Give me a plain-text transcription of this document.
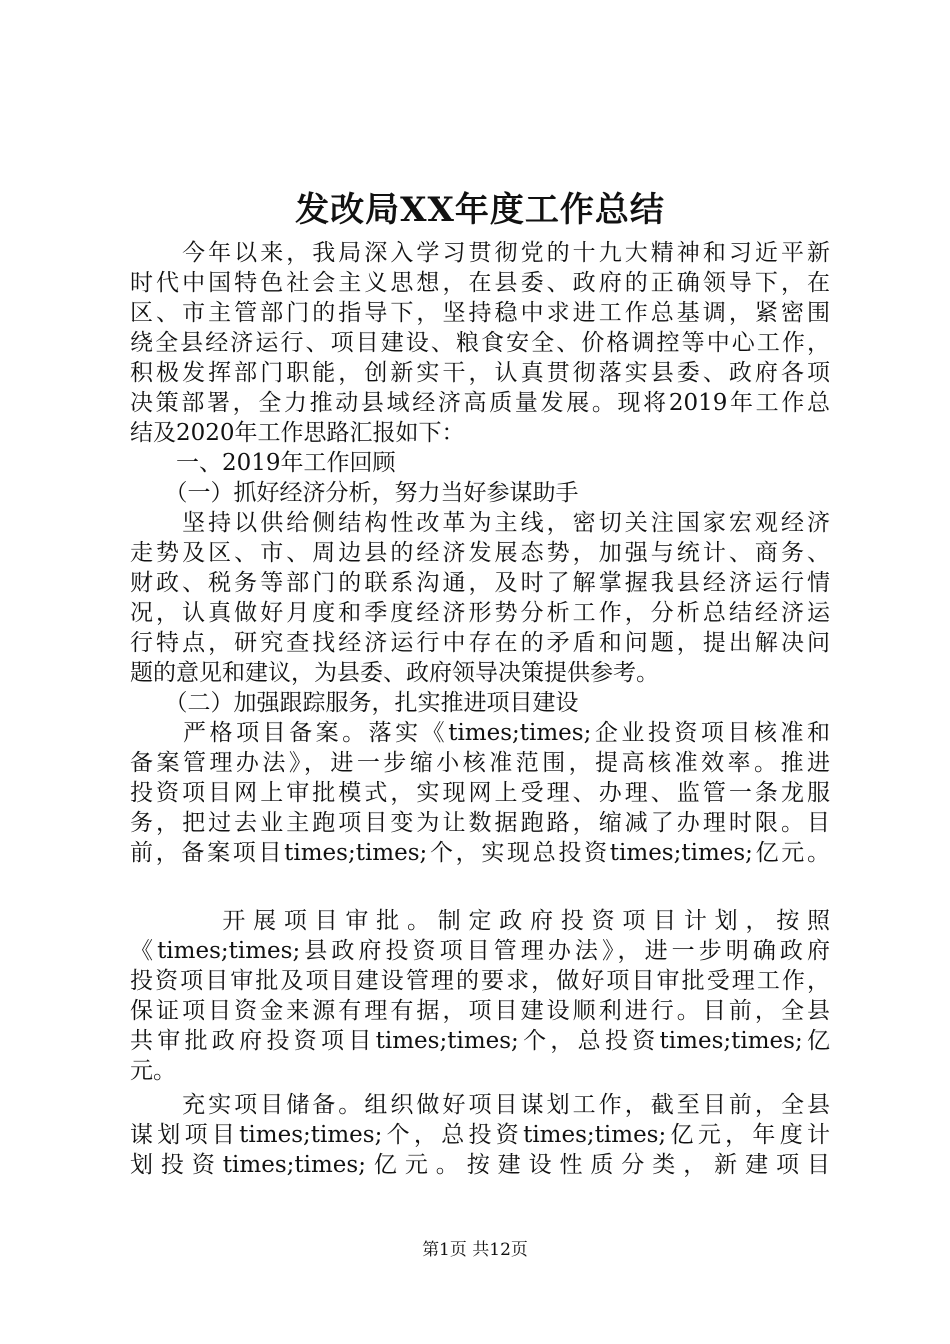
发改局XX年度工作总结
　　今年以来，我局深入学习贯彻党的十九大精神和习近平新
时代中国特色社会主义思想，在县委、政府的正确领导下，在
区、市主管部门的指导下，坚持稳中求进工作总基调，紧密围
绕全县经济运行、项目建设、粮食安全、价格调控等中心工作，
积极发挥部门职能，创新实干，认真贯彻落实县委、政府各项
决策部署，全力推动县域经济高质量发展。现将2019年工作总
结及2020年工作思路汇报如下：
　　一、2019年工作回顾
　　（一）抓好经济分析，努力当好参谋助手
　　坚持以供给侧结构性改革为主线，密切关注国家宏观经济
走势及区、市、周边县的经济发展态势，加强与统计、商务、
财政、税务等部门的联系沟通，及时了解掌握我县经济运行情
况，认真做好月度和季度经济形势分析工作，分析总结经济运
行特点，研究查找经济运行中存在的矛盾和问题，提出解决问
题的意见和建议，为县委、政府领导决策提供参考。
　　（二）加强跟踪服务，扎实推进项目建设
　　严格项目备案。落实《times;times;企业投资项目核准和
备案管理办法》，进一步缩小核准范围，提高核准效率。推进
投资项目网上审批模式，实现网上受理、办理、监管一条龙服
务，把过去业主跑项目变为让数据跑路，缩减了办理时限。目
前，备案项目times;times;个，实现总投资times;times;亿元。
　　　开展项目审批。制定政府投资项目计划，按照
《times;times;县政府投资项目管理办法》，进一步明确政府
投资项目审批及项目建设管理的要求，做好项目审批受理工作，
保证项目资金来源有理有据，项目建设顺利进行。目前，全县
共审批政府投资项目times;times;个，总投资times;times;亿
元。
　　充实项目储备。组织做好项目谋划工作，截至目前，全县
谋划项目times;times;个，总投资times;times;亿元，年度计
划投资times;times;亿元。按建设性质分类，新建项目
第1页 共12页
